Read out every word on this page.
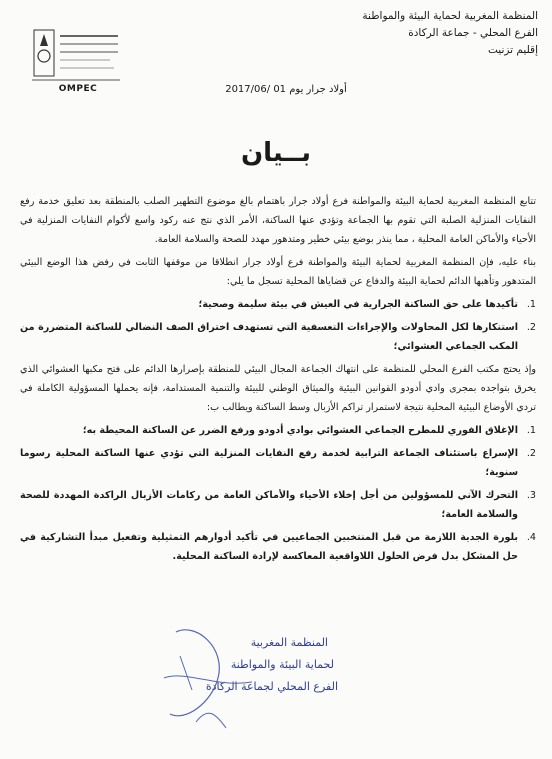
المنظمة المغربية لحماية البيئة والمواطنة
الفرع المحلي - جماعة الركادة
إقليم تزنيت
OMPEC	أولاد جرار يوم 01 /2017/06
بــيان

تتابع المنظمة المغربية لحماية البيئة والمواطنة فرع أولاد جرار باهتمام بالغ موضوع التطهير الصلب بالمنطقة بعد تعليق خدمة رفع النفايات المنزلية الصلبة التي تقوم بها الجماعة وتؤدي عنها الساكنة، الأمر الذي نتج عنه ركود واسع لأكوام النفايات المنزلية في الأحياء والأماكن العامة المحلية ، مما ينذر بوضع بيئي خطير ومتدهور مهدد للصحة والسلامة العامة.

بناء عليه، فإن المنظمة المغربية لحماية البيئة والمواطنة فرع أولاد جرار انطلاقا من موقفها الثابت في رفض هذا الوضع البيئي المتدهور وتأهبها الدائم لحماية البيئة والدفاع عن قضاياها المحلية تسجل ما يلي:

1.
تأكيدها على حق الساكنة الجرارية في العيش في بيئة سليمة وصحية؛
2.
استنكارها لكل المحاولات والإجراءات التعسفية التي تستهدف اختراق الصف النضالي للساكنة المتضررة من المكب الجماعي العشوائي؛

وإذ يحتج مكتب الفرع المحلي للمنظمة على انتهاك الجماعة المجال البيئي للمنطقة بإصرارها الدائم على فتح مكبها العشوائي الذي يخرق بتواجده بمجرى وادي أدودو القوانين البيئية والميثاق الوطني للبيئة والتنمية المستدامة، فإنه يحملها المسؤولية الكاملة في تردي الأوضاع البيئية المحلية نتيجة لاستمرار تراكم الأزبال وسط الساكنة ويطالب ب:

1.
الإغلاق الفوري للمطرح الجماعي العشوائي بوادي أدودو ورفع الضرر عن الساكنة المحيطة به؛
2.
الإسراع باستئناف الجماعة الترابية لخدمة رفع النفايات المنزلية التي تؤدي عنها الساكنة المحلية رسوما سنوية؛
3.
التحرك الآني للمسؤولين من أجل إخلاء الأحياء والأماكن العامة من ركامات الأزبال الراكدة المهددة للصحة والسلامة العامة؛
4.
بلورة الجدية اللازمة من قبل المنتخبين الجماعيين في تأكيد أدوارهم التمثيلية وتفعيل مبدأ التشاركية في حل المشكل بدل فرض الحلول اللاواقعية المعاكسة لإرادة الساكنة المحلية.
المنظمة المغربية
لحماية البيئة والمواطنة
الفرع المحلي لجماعة الركادة
